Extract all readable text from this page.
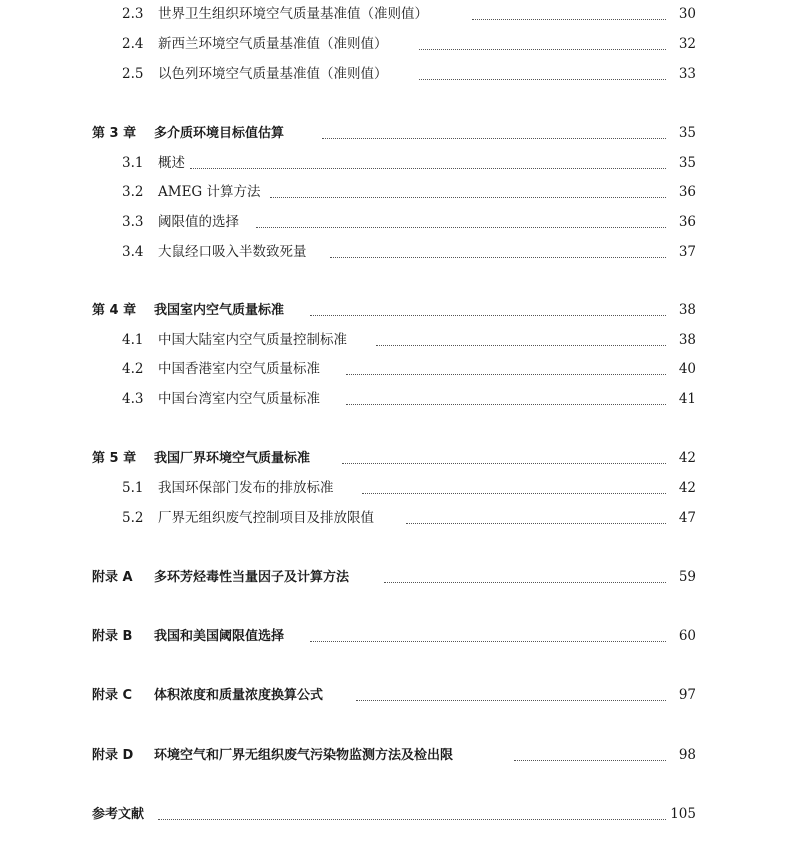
2.3 世界卫生组织环境空气质量基准值（准则值）	30
2.4 新西兰环境空气质量基准值（准则值）	32
2.5 以色列环境空气质量基准值（准则值）	33
第 3 章 多介质环境目标值估算	35
3.1 概述	35
3.2 AMEG 计算方法	36
3.3 阈限值的选择	36
3.4 大鼠经口吸入半数致死量	37
第 4 章 我国室内空气质量标准	38
4.1 中国大陆室内空气质量控制标准	38
4.2 中国香港室内空气质量标准	40
4.3 中国台湾室内空气质量标准	41
第 5 章 我国厂界环境空气质量标准	42
5.1 我国环保部门发布的排放标准	42
5.2 厂界无组织废气控制项目及排放限值	47
附录 A 多环芳烃毒性当量因子及计算方法	59
附录 B 我国和美国阈限值选择	60
附录 C 体积浓度和质量浓度换算公式	97
附录 D 环境空气和厂界无组织废气污染物监测方法及检出限	98
参考文献	105
